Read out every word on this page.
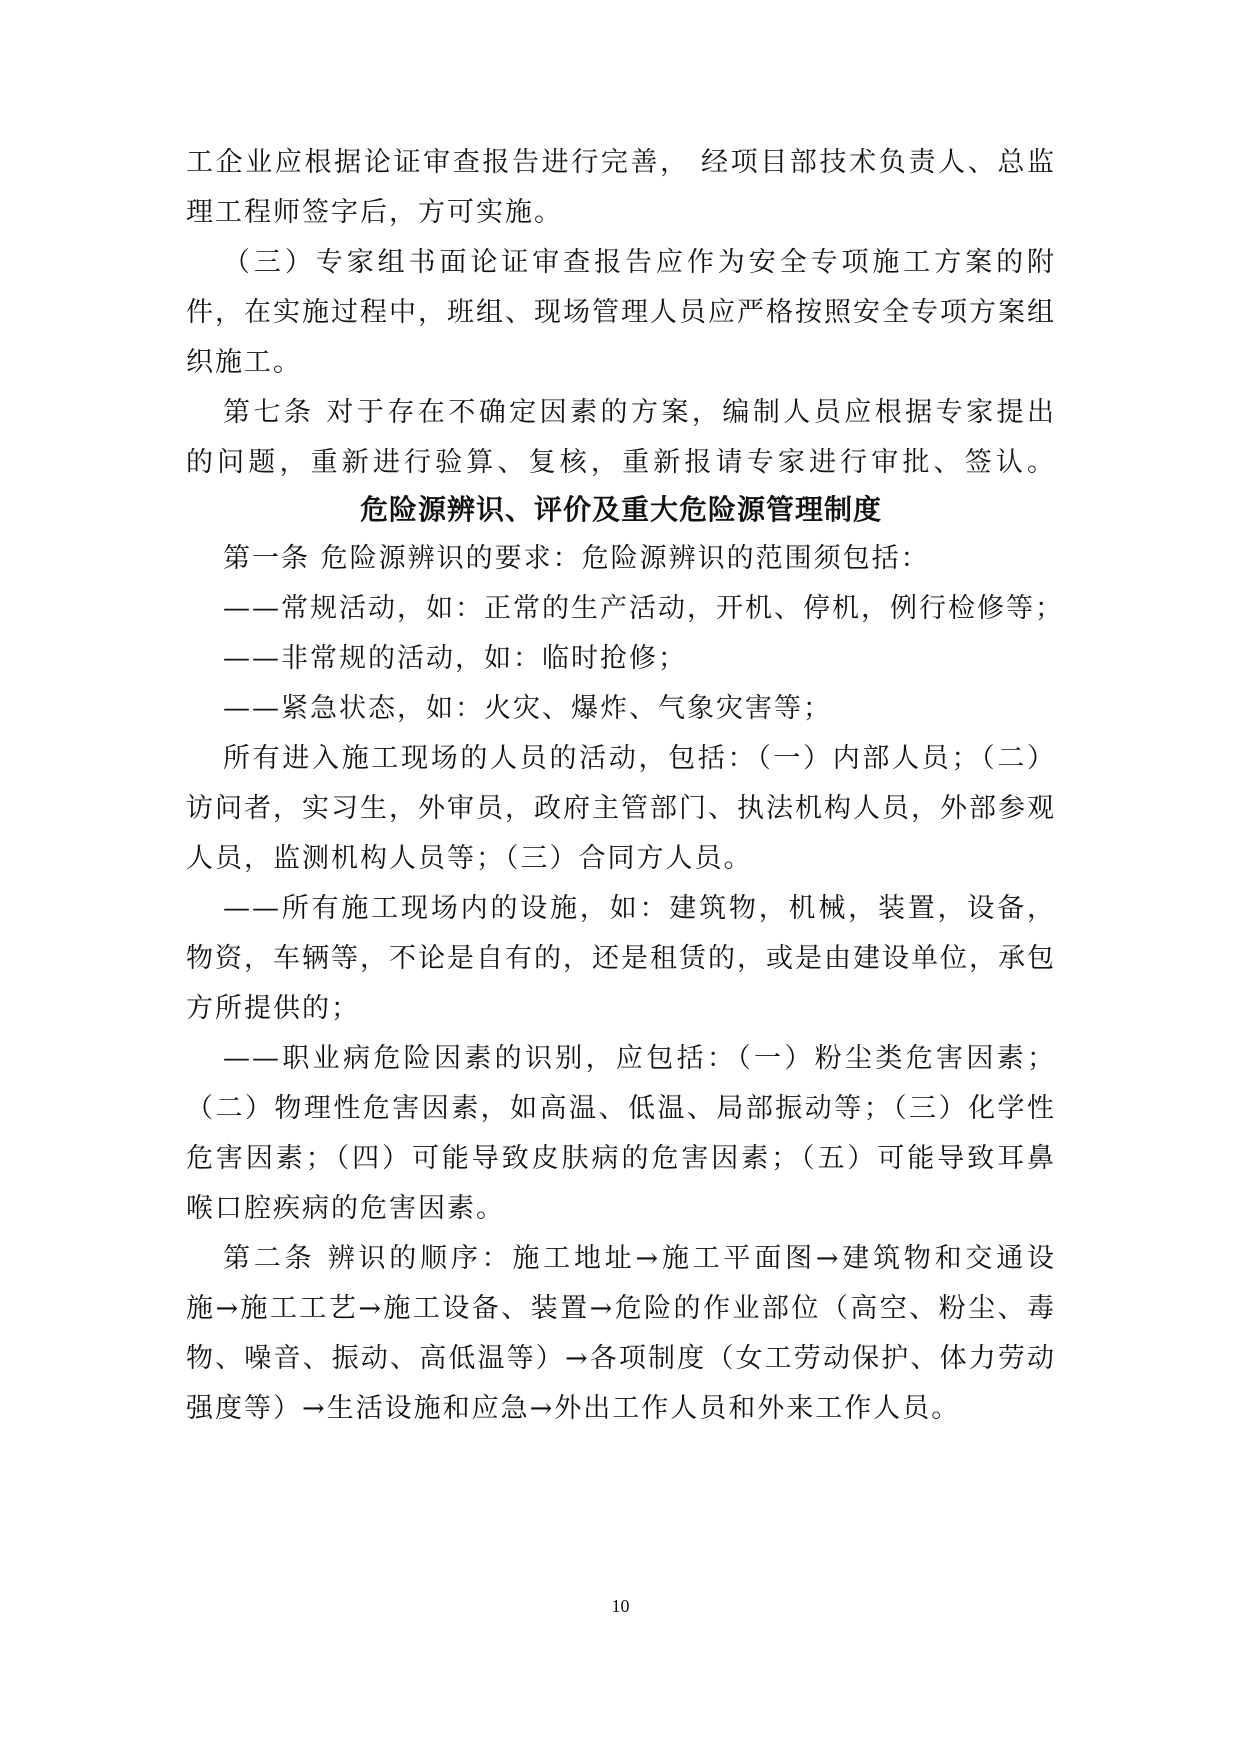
工企业应根据论证审查报告进行完善， 经项目部技术负责人、总监
理工程师签字后，方可实施。
（三）专家组书面论证审查报告应作为安全专项施工方案的附
件，在实施过程中，班组、现场管理人员应严格按照安全专项方案组
织施工。
第七条 对于存在不确定因素的方案，编制人员应根据专家提出
的问题，重新进行验算、复核，重新报请专家进行审批、签认。
危险源辨识、评价及重大危险源管理制度
第一条 危险源辨识的要求：危险源辨识的范围须包括：
——常规活动，如：正常的生产活动，开机、停机，例行检修等；
——非常规的活动，如：临时抢修；
——紧急状态，如：火灾、爆炸、气象灾害等；
所有进入施工现场的人员的活动，包括：（一）内部人员；（二）
访问者，实习生，外审员，政府主管部门、执法机构人员，外部参观
人员，监测机构人员等；（三）合同方人员。
——所有施工现场内的设施，如：建筑物，机械，装置，设备，
物资，车辆等，不论是自有的，还是租赁的，或是由建设单位，承包
方所提供的；
——职业病危险因素的识别，应包括：（一）粉尘类危害因素；
（二）物理性危害因素，如高温、低温、局部振动等；（三）化学性
危害因素；（四）可能导致皮肤病的危害因素；（五）可能导致耳鼻
喉口腔疾病的危害因素。
第二条 辨识的顺序：施工地址→施工平面图→建筑物和交通设
施→施工工艺→施工设备、装置→危险的作业部位（高空、粉尘、毒
物、噪音、振动、高低温等）→各项制度（女工劳动保护、体力劳动
强度等）→生活设施和应急→外出工作人员和外来工作人员。
10
